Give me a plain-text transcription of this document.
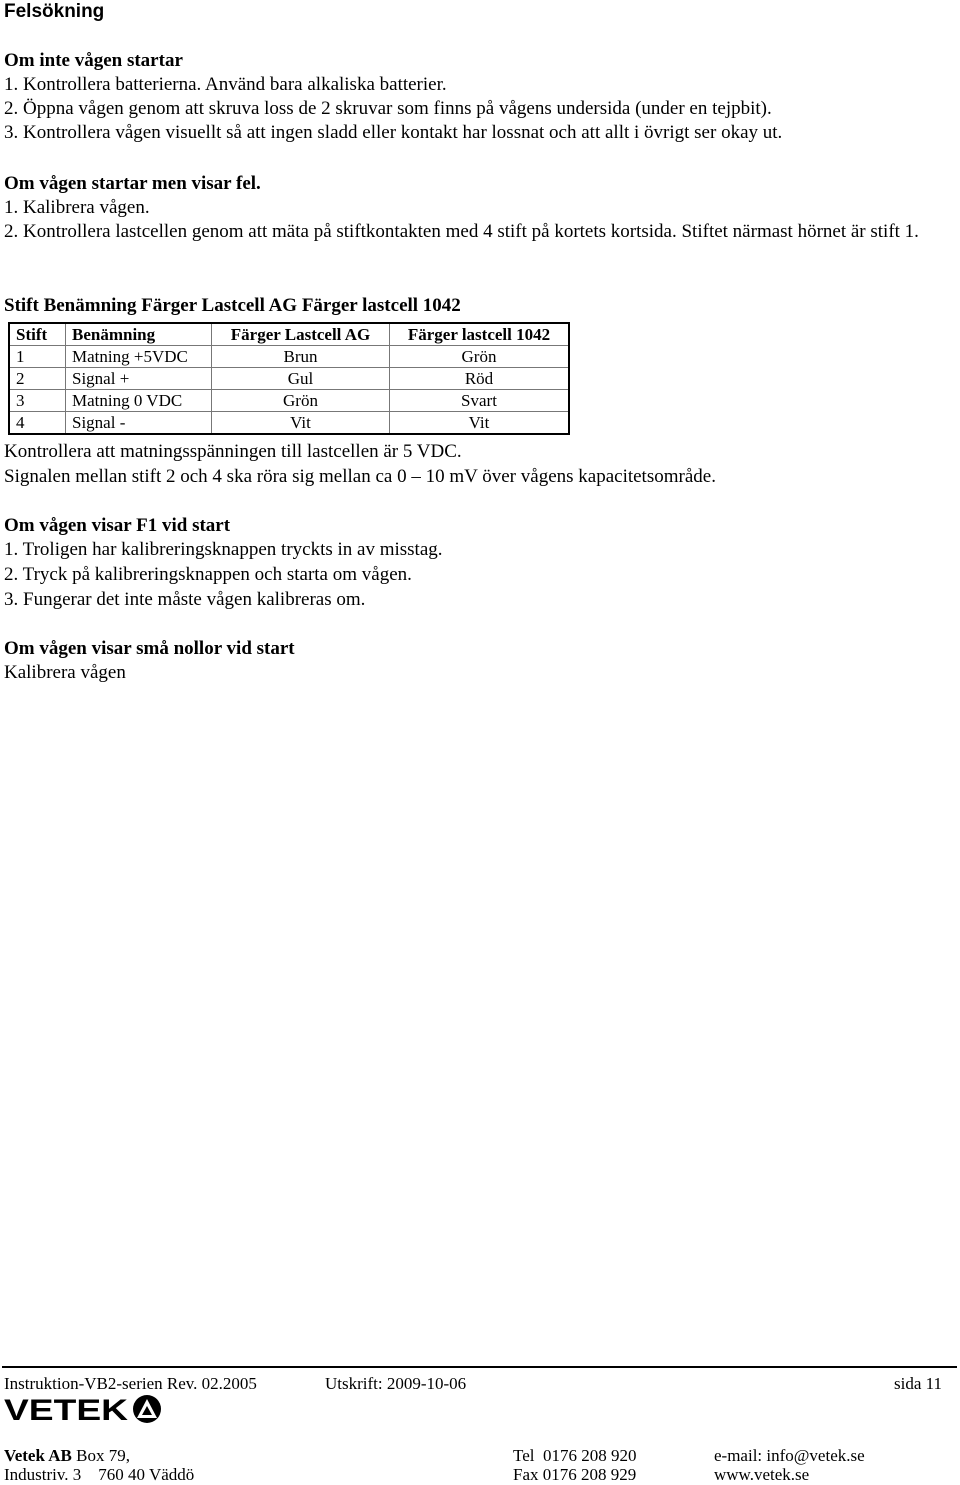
Felsökning
Om inte vågen startar
1. Kontrollera batterierna. Använd bara alkaliska batterier.
2. Öppna vågen genom att skruva loss de 2 skruvar som finns på vågens undersida (under en tejpbit).
3. Kontrollera vågen visuellt så att ingen sladd eller kontakt har lossnat och att allt i övrigt ser okay ut.
Om vågen startar men visar fel.
1. Kalibrera vågen.
2. Kontrollera lastcellen genom att mäta på stiftkontakten med 4 stift på kortets kortsida. Stiftet närmast hörnet är stift 1.
Stift Benämning Färger Lastcell AG Färger lastcell 1042
Stift	Benämning	Färger Lastcell AG	Färger lastcell 1042
1	Matning +5VDC	Brun	Grön
2	Signal +	Gul	Röd
3	Matning 0 VDC	Grön	Svart
4	Signal -	Vit	Vit
Kontrollera att matningsspänningen till lastcellen är 5 VDC.
Signalen mellan stift 2 och 4 ska röra sig mellan ca 0 – 10 mV över vågens kapacitetsområde.
Om vågen visar F1 vid start
1. Troligen har kalibreringsknappen tryckts in av misstag.
2. Tryck på kalibreringsknappen och starta om vågen.
3. Fungerar det inte måste vågen kalibreras om.
Om vågen visar små nollor vid start
Kalibrera vågen
Instruktion-VB2-serien Rev. 02.2005	Utskrift: 2009-10-06	sida 11
VETEK
Vetek AB Box 79,
Industriv. 3    760 40 Väddö
Tel  0176 208 920
Fax 0176 208 929
e-mail: info@vetek.se
www.vetek.se
